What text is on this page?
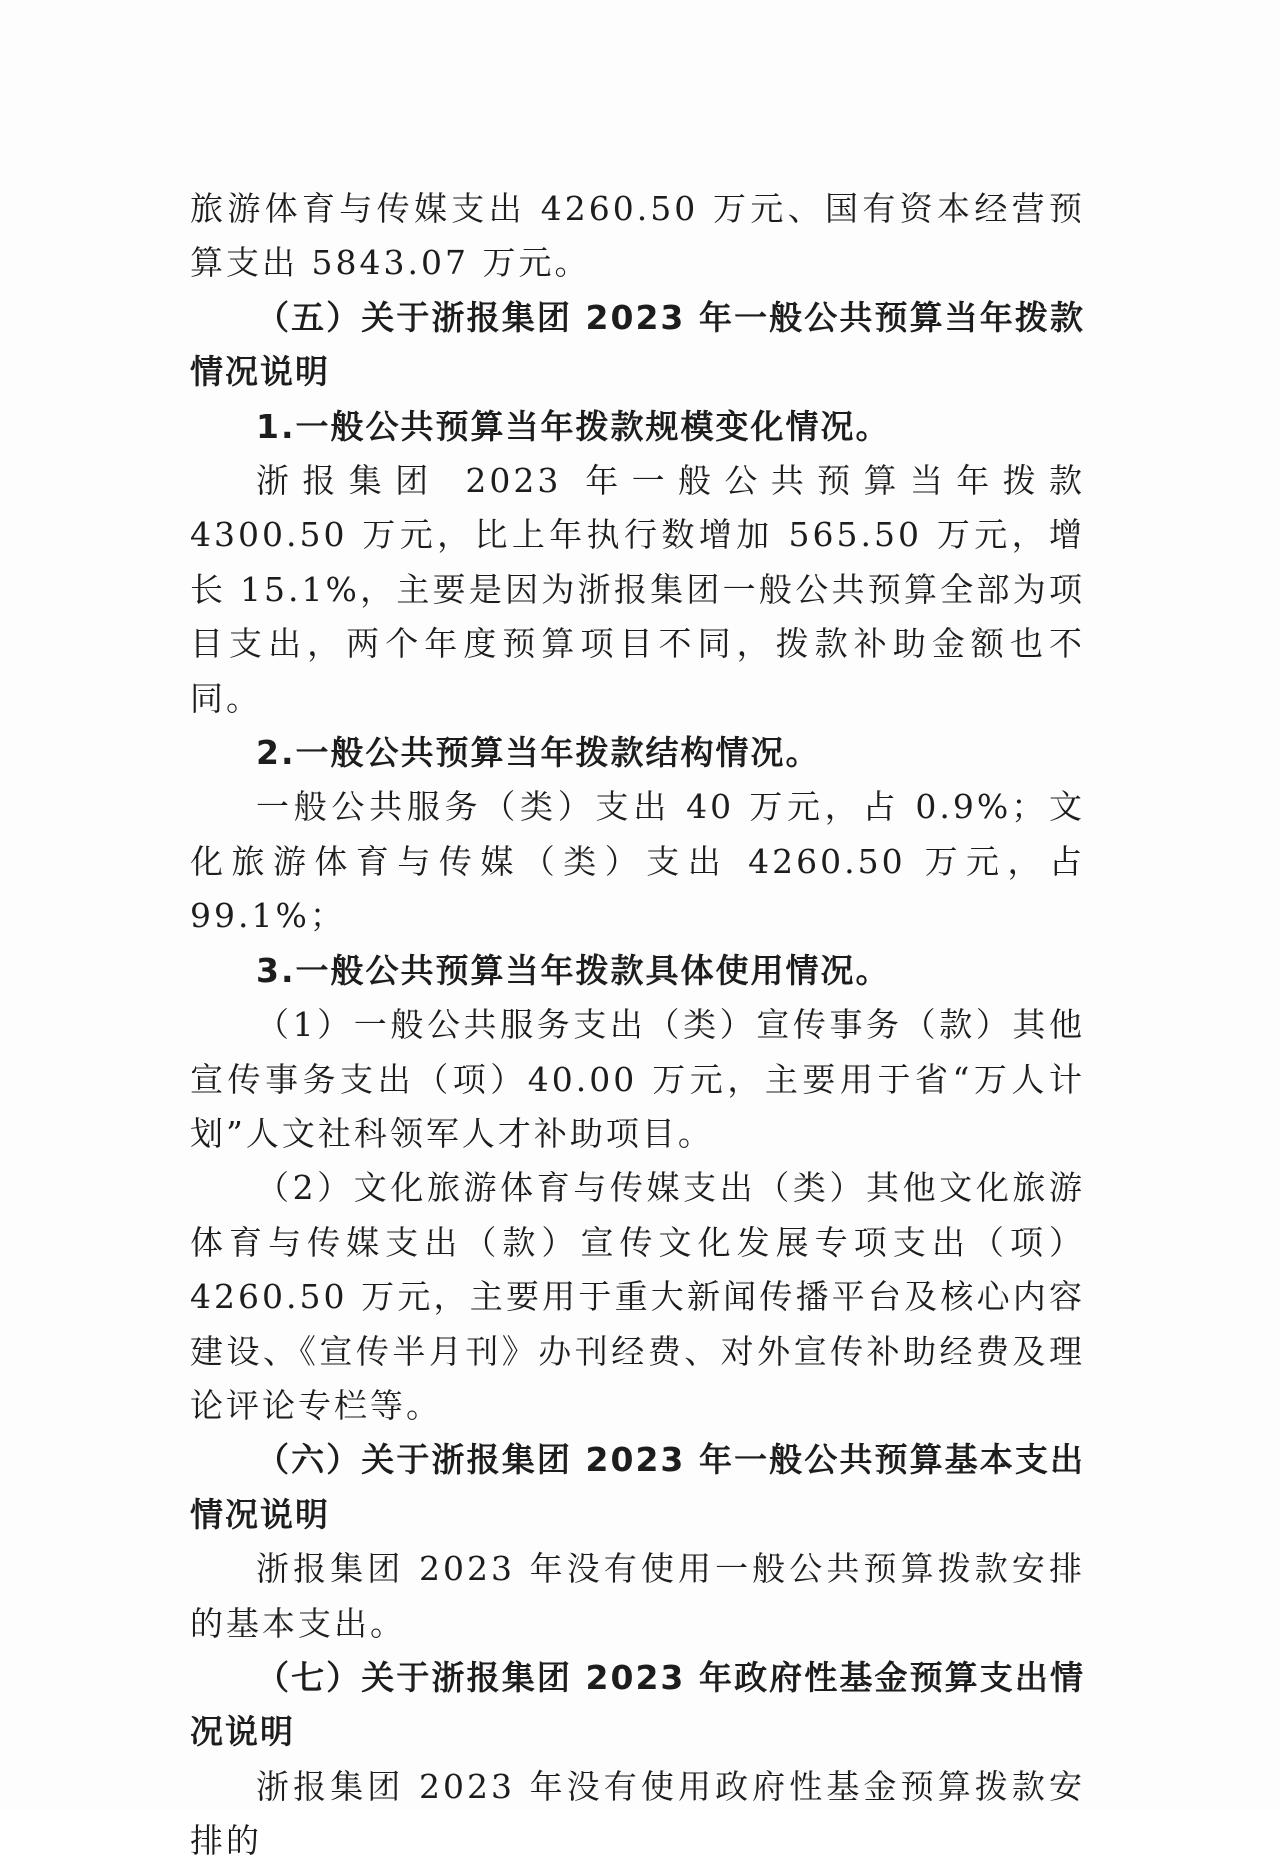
旅游体育与传媒支出 4260.50 万元、国有资本经营预算支出 5843.07 万元。

（五）关于浙报集团 2023 年一般公共预算当年拨款情况说明

1.一般公共预算当年拨款规模变化情况。

浙报集团 2023 年一般公共预算当年拨款 4300.50 万元，比上年执行数增加 565.50 万元，增长 15.1%，主要是因为浙报集团一般公共预算全部为项目支出，两个年度预算项目不同，拨款补助金额也不同。

2.一般公共预算当年拨款结构情况。

一般公共服务（类）支出 40 万元，占 0.9%；文化旅游体育与传媒（类）支出 4260.50 万元，占 99.1%；

3.一般公共预算当年拨款具体使用情况。

（1）一般公共服务支出（类）宣传事务（款）其他宣传事务支出（项）40.00 万元，主要用于省“万人计划”人文社科领军人才补助项目。

（2）文化旅游体育与传媒支出（类）其他文化旅游体育与传媒支出（款）宣传文化发展专项支出（项）4260.50 万元，主要用于重大新闻传播平台及核心内容建设、《宣传半月刊》办刊经费、对外宣传补助经费及理论评论专栏等。

（六）关于浙报集团 2023 年一般公共预算基本支出情况说明

浙报集团 2023 年没有使用一般公共预算拨款安排的基本支出。

（七）关于浙报集团 2023 年政府性基金预算支出情况说明

浙报集团 2023 年没有使用政府性基金预算拨款安排的
